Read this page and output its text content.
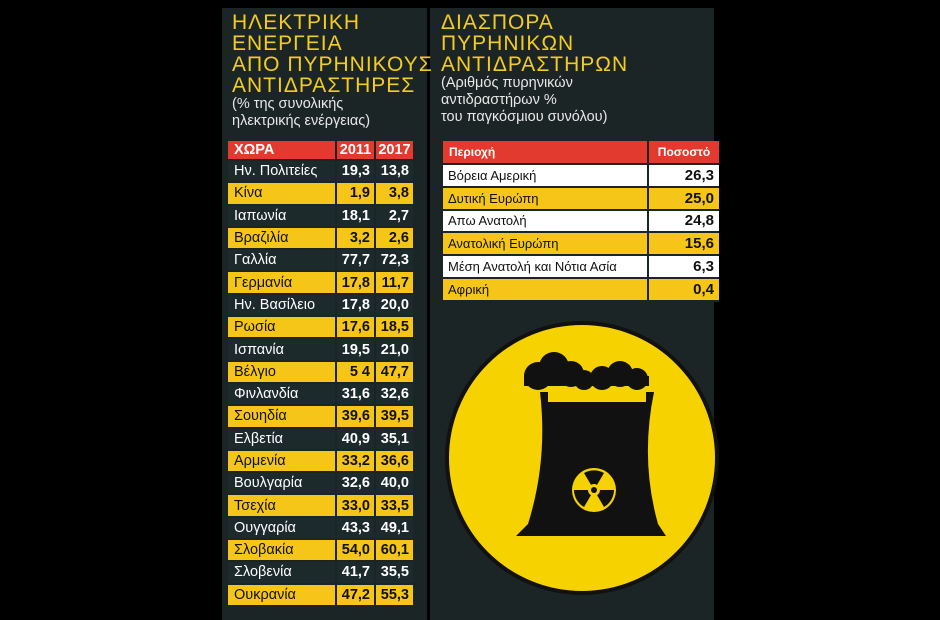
ΗΛΕΚΤΡΙΚΗ
ΕΝΕΡΓΕΙΑ
ΑΠΟ ΠΥΡΗΝΙΚΟΥΣ
ΑΝΤΙΔΡΑΣΤΗΡΕΣ
(% της συνολικής
ηλεκτρικής ενέργειας)
ΔΙΑΣΠΟΡΑ
ΠΥΡΗΝΙΚΩΝ
ΑΝΤΙΔΡΑΣΤΗΡΩΝ
(Αριθμός πυρηνικών
αντιδραστήρων %
του παγκόσμιου συνόλου)
ΧΩΡΑ	2011	2017
Ην. Πολιτείες	19,3	13,8
Κίνα	1,9	3,8
Ιαπωνία	18,1	2,7
Βραζιλία	3,2	2,6
Γαλλία	77,7	72,3
Γερμανία	17,8	11,7
Ην. Βασίλειο	17,8	20,0
Ρωσία	17,6	18,5
Ισπανία	19,5	21,0
Βέλγιο	5 4	47,7
Φινλανδία	31,6	32,6
Σουηδία	39,6	39,5
Ελβετία	40,9	35,1
Αρμενία	33,2	36,6
Βουλγαρία	32,6	40,0
Τσεχία	33,0	33,5
Ουγγαρία	43,3	49,1
Σλοβακία	54,0	60,1
Σλοβενία	41,7	35,5
Ουκρανία	47,2	55,3
Περιοχή	Ποσοστό
Βόρεια Αμερική	26,3
Δυτική Ευρώπη	25,0
Απω Ανατολή	24,8
Ανατολική Ευρώπη	15,6
Μέση Ανατολή και Νότια Ασία	6,3
Αφρική	0,4
